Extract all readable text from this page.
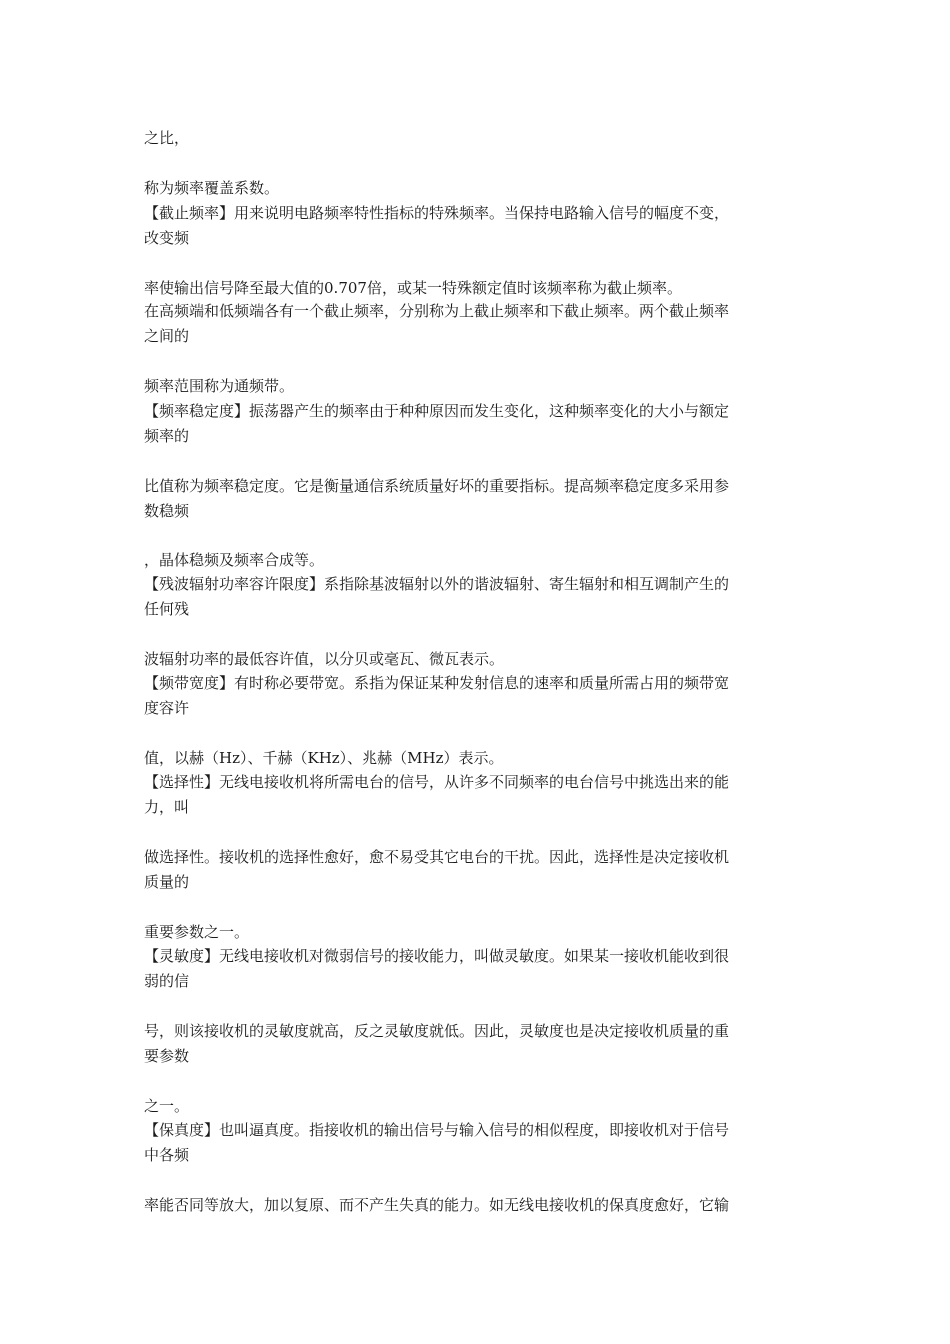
之比，

称为频率覆盖系数。

【截止频率】用来说明电路频率特性指标的特殊频率。当保持电路输入信号的幅度不变，

改变频

率使输出信号降至最大值的0.707倍，或某一特殊额定值时该频率称为截止频率。

在高频端和低频端各有一个截止频率，分别称为上截止频率和下截止频率。两个截止频率

之间的

频率范围称为通频带。

【频率稳定度】振荡器产生的频率由于种种原因而发生变化，这种频率变化的大小与额定

频率的

比值称为频率稳定度。它是衡量通信系统质量好坏的重要指标。提高频率稳定度多采用参

数稳频

，晶体稳频及频率合成等。

【残波辐射功率容许限度】系指除基波辐射以外的谐波辐射、寄生辐射和相互调制产生的

任何残

波辐射功率的最低容许值，以分贝或毫瓦、微瓦表示。

【频带宽度】有时称必要带宽。系指为保证某种发射信息的速率和质量所需占用的频带宽

度容许

值，以赫（Hz）、千赫（KHz）、兆赫（MHz）表示。

【选择性】无线电接收机将所需电台的信号，从许多不同频率的电台信号中挑选出来的能

力，叫

做选择性。接收机的选择性愈好，愈不易受其它电台的干扰。因此，选择性是决定接收机

质量的

重要参数之一。

【灵敏度】无线电接收机对微弱信号的接收能力，叫做灵敏度。如果某一接收机能收到很

弱的信

号，则该接收机的灵敏度就高，反之灵敏度就低。因此，灵敏度也是决定接收机质量的重

要参数

之一。

【保真度】也叫逼真度。指接收机的输出信号与输入信号的相似程度，即接收机对于信号

中各频

率能否同等放大，加以复原、而不产生失真的能力。如无线电接收机的保真度愈好，它输
